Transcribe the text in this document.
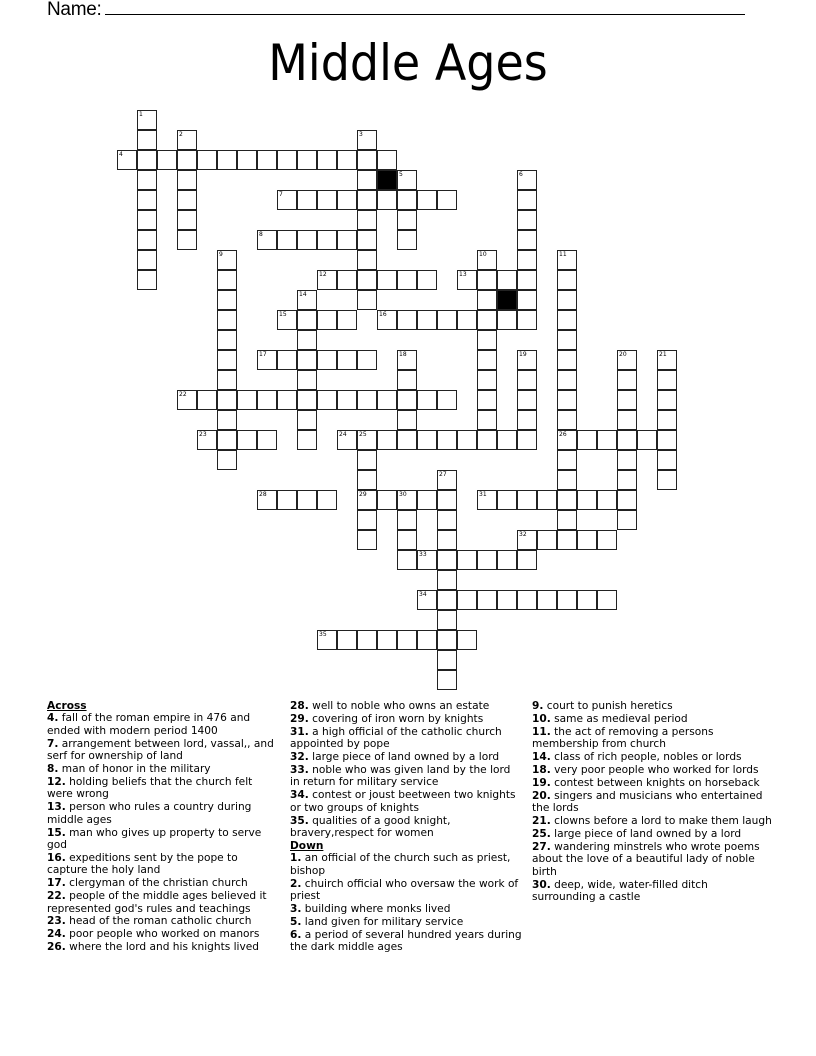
Name:
Middle Ages
1
2	3
4
5	6
7
8
9	10	11
26
12	13
14
15	16
17	18	19	20	21
22
23	24 25
29
27
28	30	31
32
33
34
35
Across
4. fall of the roman empire in 476 and ended with modern period 1400
7. arrangement between lord, vassal,, and serf for ownership of land
8. man of honor in the military
12. holding beliefs that the church felt were wrong
13. person who rules a country during middle ages
15. man who gives up property to serve god
16. expeditions sent by the pope to capture the holy land
17. clergyman of the christian church
22. people of the middle ages believed it represented god's rules and teachings
23. head of the roman catholic church
24. poor people who worked on manors
26. where the lord and his knights lived
28. well to noble who owns an estate
29. covering of iron worn by knights
31. a high official of the catholic church appointed by pope
32. large piece of land owned by a lord
33. noble who was given land by the lord in return for military service
34. contest or joust beetween two knights or two groups of knights
35. qualities of a good knight, bravery,respect for women
Down
1. an official of the church such as priest, bishop
2. chuirch official who oversaw the work of priest
3. building where monks lived
5. land given for military service
6. a period of several hundred years during the dark middle ages
9. court to punish heretics
10. same as medieval period
11. the act of removing a persons membership from church
14. class of rich people, nobles or lords
18. very poor people who worked for lords
19. contest between knights on horseback
20. singers and musicians who entertained the lords
21. clowns before a lord to make them laugh
25. large piece of land owned by a lord
27. wandering minstrels who wrote poems about the love of a beautiful lady of noble birth
30. deep, wide, water-filled ditch surrounding a castle
